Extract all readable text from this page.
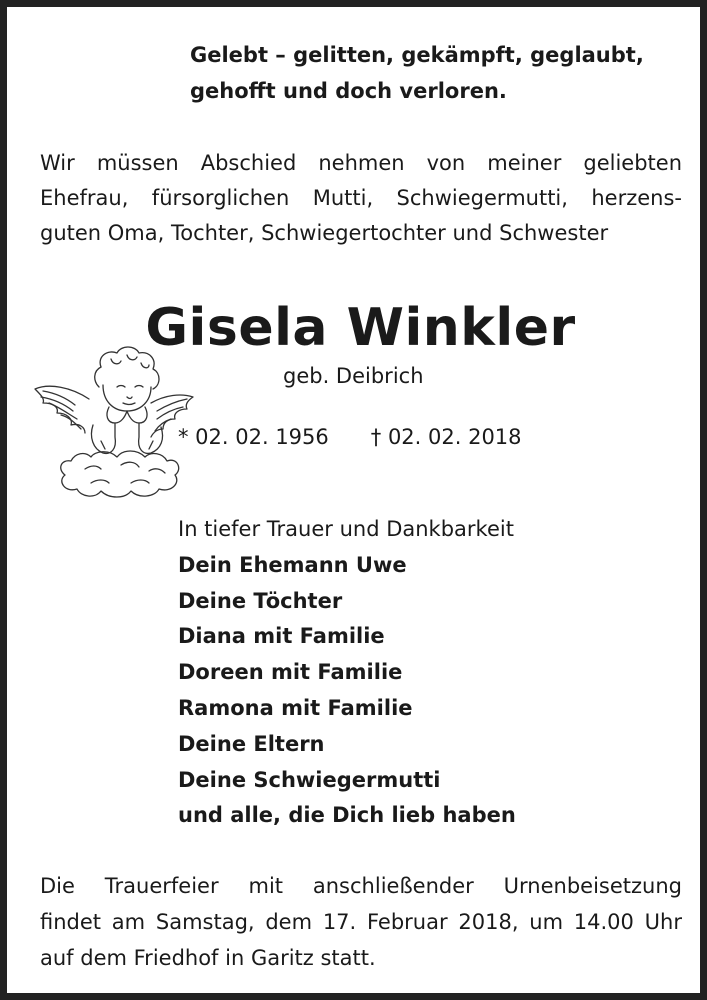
Gelebt – gelitten, gekämpft, geglaubt,
gehofft und doch verloren.

Wir müssen Abschied nehmen von meiner geliebten
Ehefrau, fürsorglichen Mutti, Schwiegermutti, herzens-
guten Oma, Tochter, Schwiegertochter und Schwester

Gisela Winkler
geb. Deibrich
* 02. 02. 1956 † 02. 02. 2018

In tiefer Trauer und Dankbarkeit
Dein Ehemann Uwe
Deine Töchter
Diana mit Familie
Doreen mit Familie
Ramona mit Familie
Deine Eltern
Deine Schwiegermutti
und alle, die Dich lieb haben

Die Trauerfeier mit anschließender Urnenbeisetzung
findet am Samstag, dem 17. Februar 2018, um 14.00 Uhr
auf dem Friedhof in Garitz statt.
